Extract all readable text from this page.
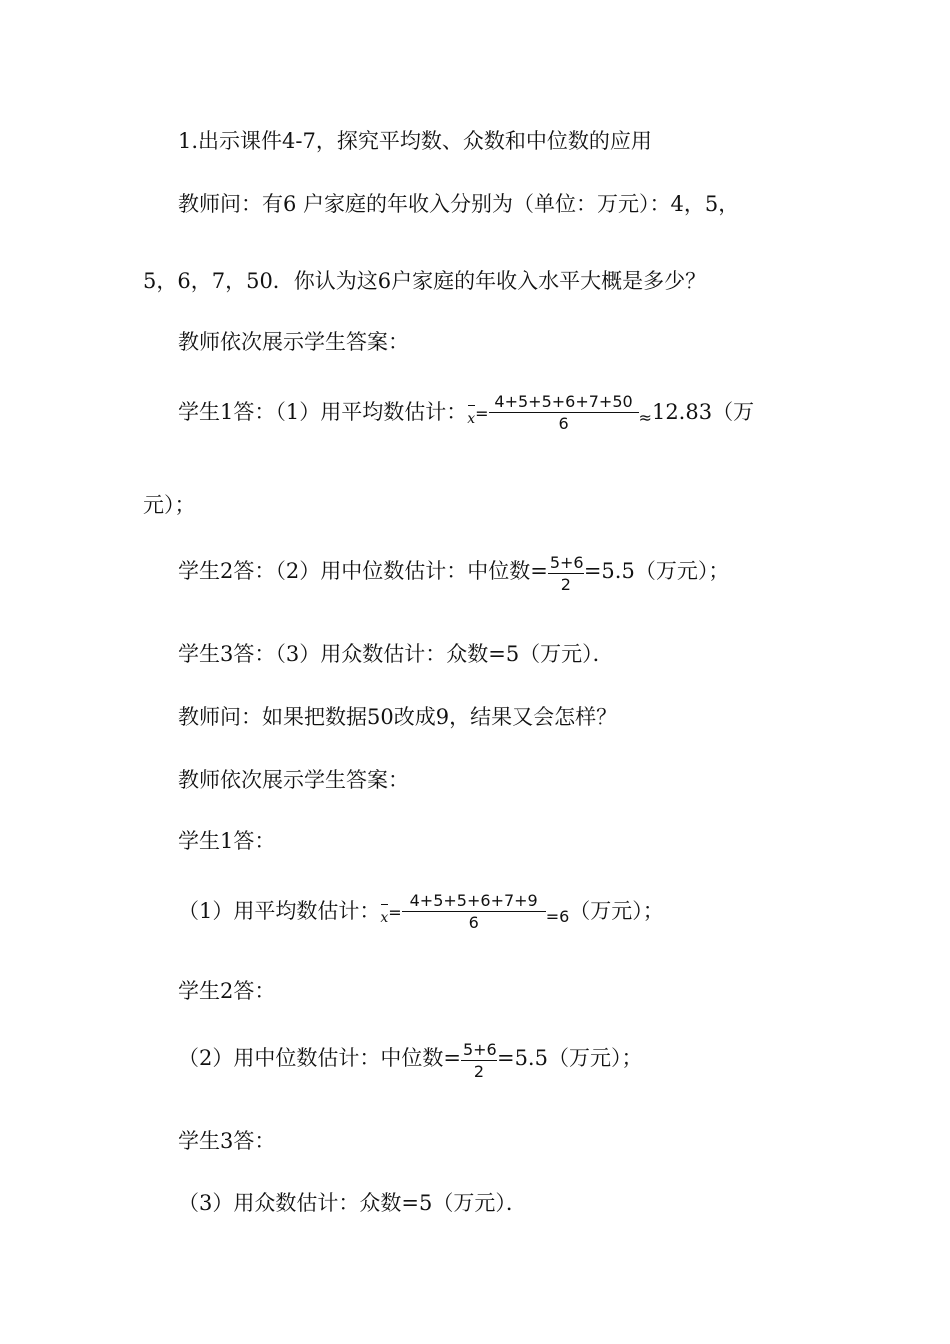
1.出示课件4-7，探究平均数、众数和中位数的应用
教师问：有6 户家庭的年收入分别为（单位：万元）：4，5，
5，6，7，50．你认为这6户家庭的年收入水平大概是多少？
教师依次展示学生答案：
学生1答：（1）用平均数估计：$x= \frac{4+5+5+6+7+50}{6} \approx 12.83$（万
元）；
学生2答：（2）用中位数估计：中位数= $\frac{5+6}{2} =5.5$（万元）；
学生3答：（3）用众数估计：众数=5（万元）．
教师问：如果把数据50改成9，结果又会怎样？
教师依次展示学生答案：
学生1答：
（1）用平均数估计：$x= \frac{4+5+5+6+7+9}{6} =6$（万元）；
学生2答：
（2）用中位数估计：中位数= $\frac{5+6}{2} =5.5$（万元）；
学生3答：
（3）用众数估计：众数=5（万元）．
